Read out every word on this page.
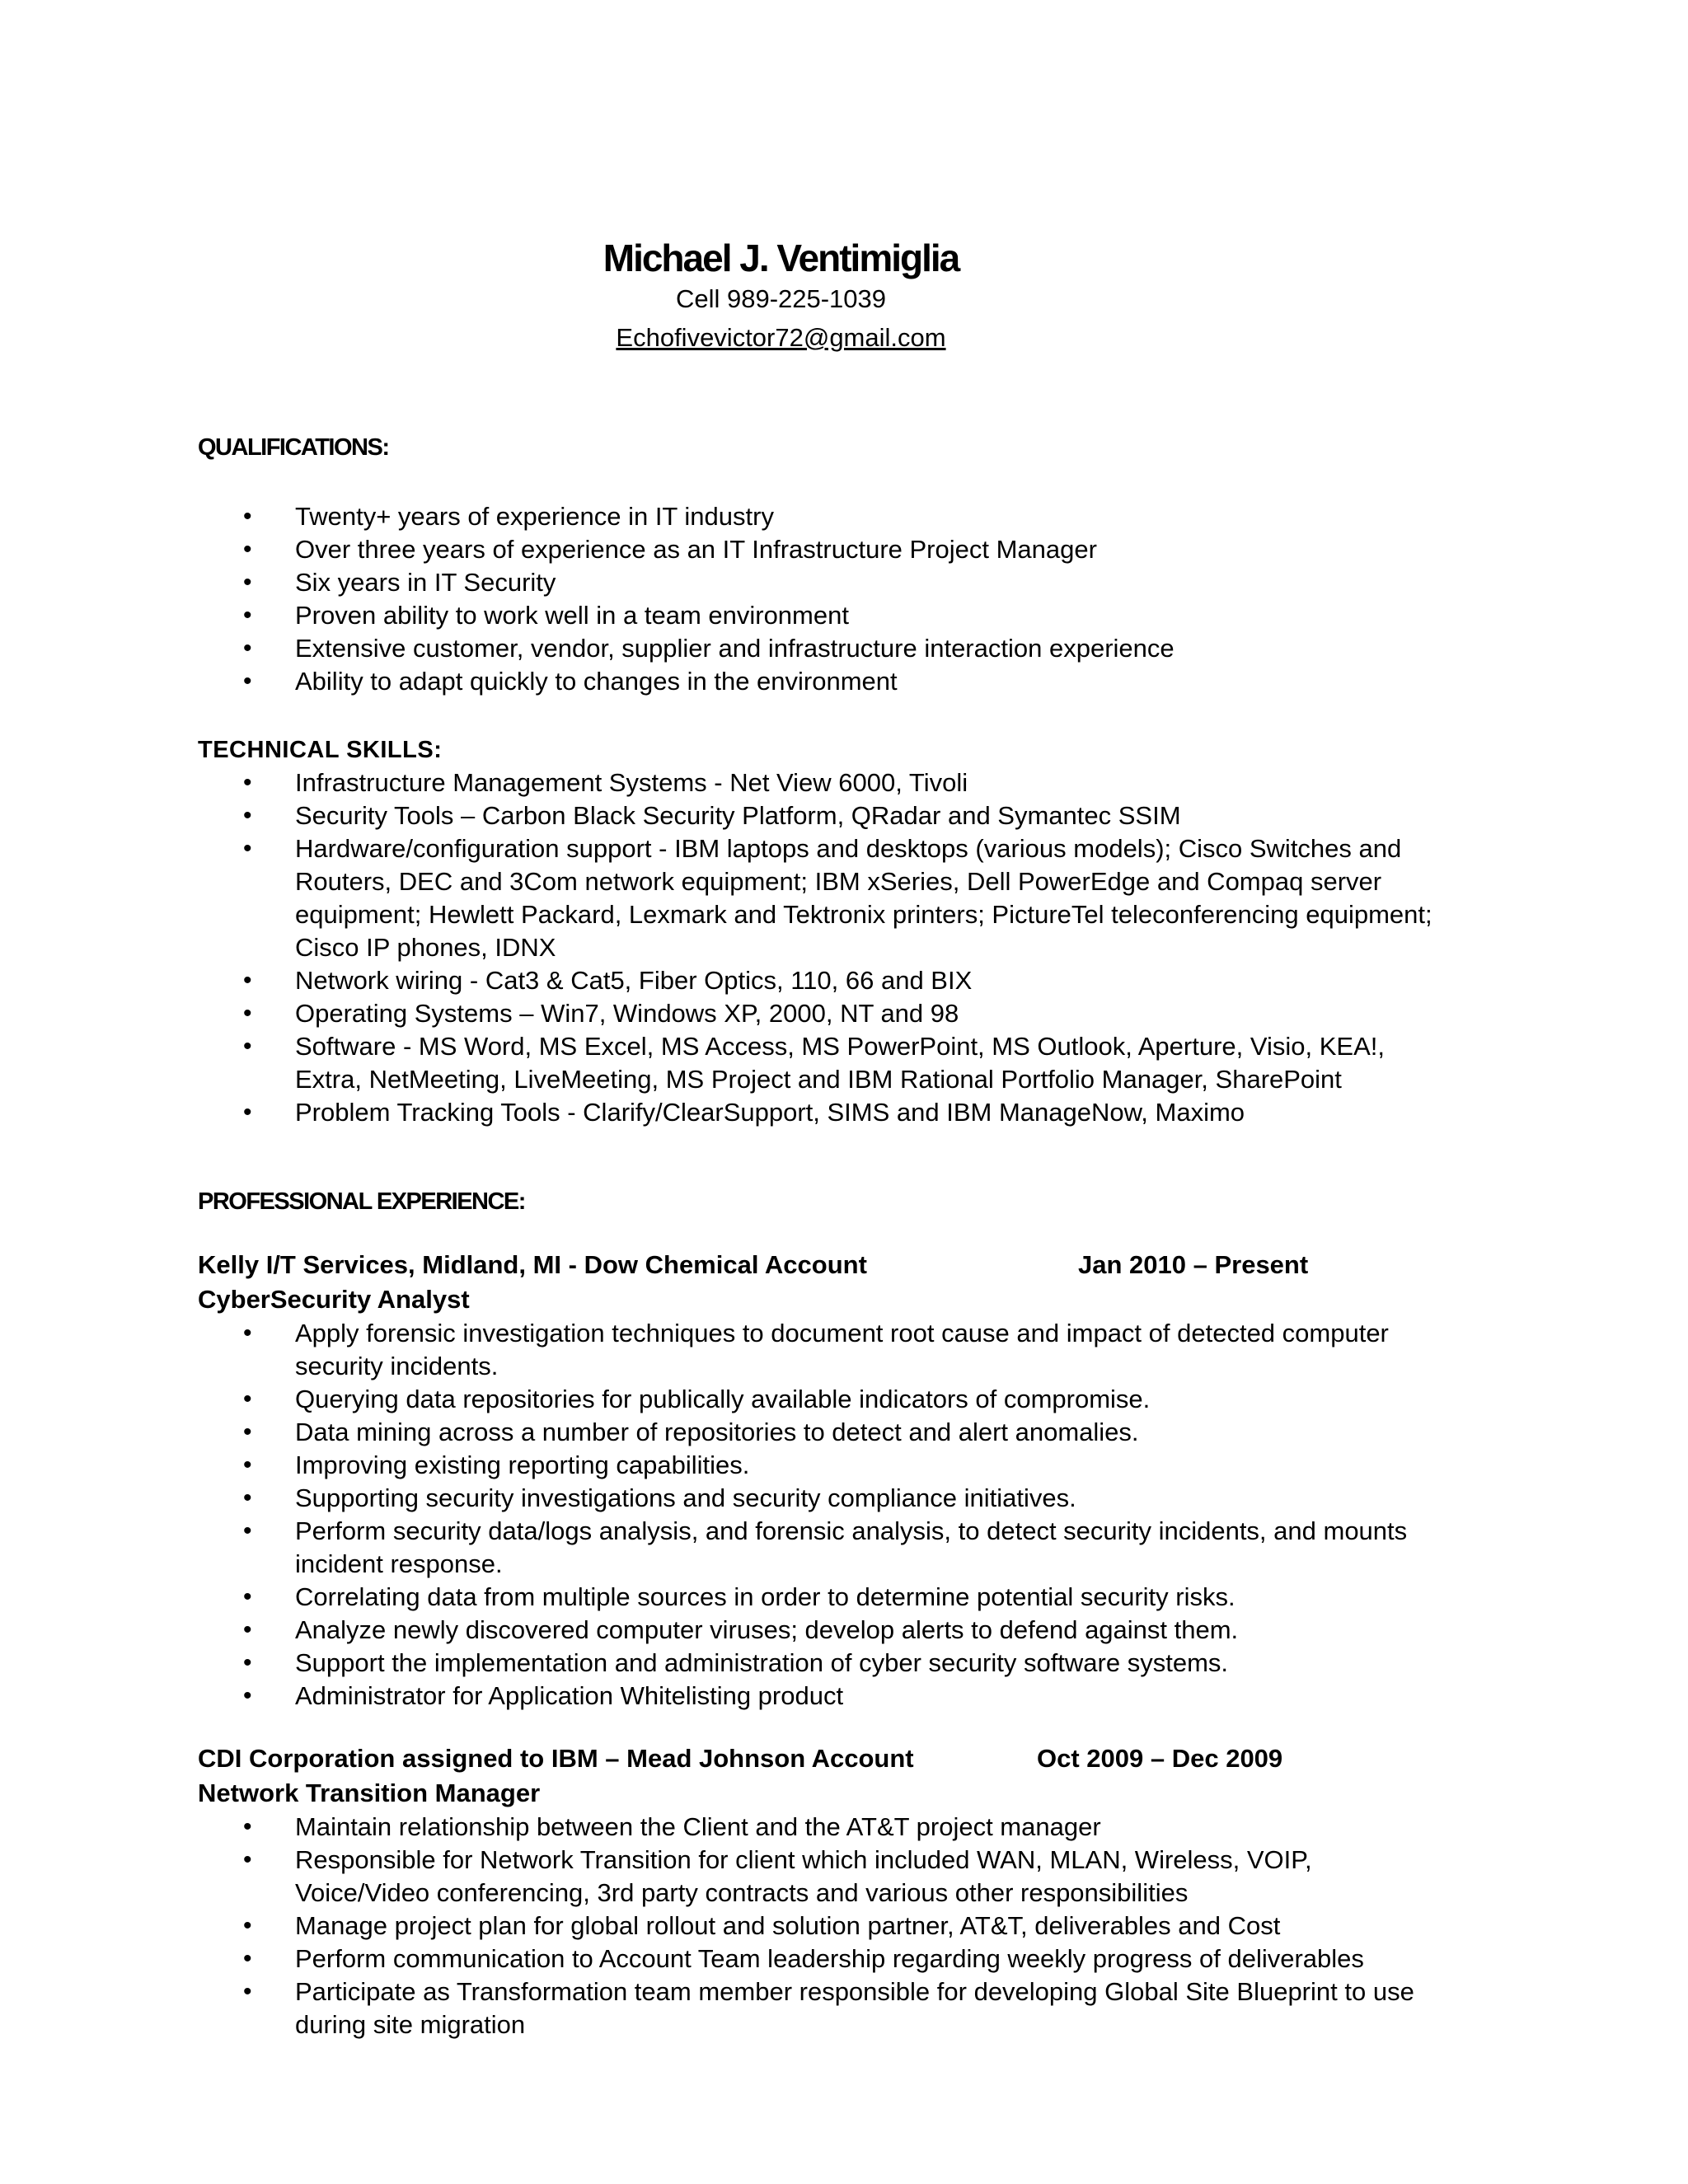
Michael J. Ventimiglia
Cell 989-225-1039
Echofivevictor72@gmail.com
QUALIFICATIONS:
• Twenty+ years of experience in IT industry
• Over three years of experience as an IT Infrastructure Project Manager
• Six years in IT Security
• Proven ability to work well in a team environment
• Extensive customer, vendor, supplier and infrastructure interaction experience
• Ability to adapt quickly to changes in the environment
TECHNICAL SKILLS:
• Infrastructure Management Systems - Net View 6000, Tivoli
• Security Tools – Carbon Black Security Platform, QRadar and Symantec SSIM
• Hardware/configuration support - IBM laptops and desktops (various models); Cisco Switches and Routers, DEC and 3Com network equipment; IBM xSeries, Dell PowerEdge and Compaq server equipment; Hewlett Packard, Lexmark and Tektronix printers; PictureTel teleconferencing equipment; Cisco IP phones, IDNX
• Network wiring - Cat3 & Cat5, Fiber Optics, 110, 66 and BIX
• Operating Systems – Win7, Windows XP, 2000, NT and 98
• Software - MS Word, MS Excel, MS Access, MS PowerPoint, MS Outlook, Aperture, Visio, KEA!, Extra, NetMeeting, LiveMeeting, MS Project and IBM Rational Portfolio Manager, SharePoint
• Problem Tracking Tools - Clarify/ClearSupport, SIMS and IBM ManageNow, Maximo
PROFESSIONAL EXPERIENCE:
Kelly I/T Services, Midland, MI - Dow Chemical Account	Jan 2010 – Present
CyberSecurity Analyst
• Apply forensic investigation techniques to document root cause and impact of detected computer security incidents.
• Querying data repositories for publically available indicators of compromise.
• Data mining across a number of repositories to detect and alert anomalies.
• Improving existing reporting capabilities.
• Supporting security investigations and security compliance initiatives.
• Perform security data/logs analysis, and forensic analysis, to detect security incidents, and mounts incident response.
• Correlating data from multiple sources in order to determine potential security risks.
• Analyze newly discovered computer viruses; develop alerts to defend against them.
• Support the implementation and administration of cyber security software systems.
• Administrator for Application Whitelisting product
CDI Corporation assigned to IBM – Mead Johnson Account	Oct 2009 – Dec 2009
Network Transition Manager
• Maintain relationship between the Client and the AT&T project manager
• Responsible for Network Transition for client which included WAN, MLAN, Wireless, VOIP, Voice/Video conferencing, 3rd party contracts and various other responsibilities
• Manage project plan for global rollout and solution partner, AT&T, deliverables and Cost
• Perform communication to Account Team leadership regarding weekly progress of deliverables
• Participate as Transformation team member responsible for developing Global Site Blueprint to use during site migration
